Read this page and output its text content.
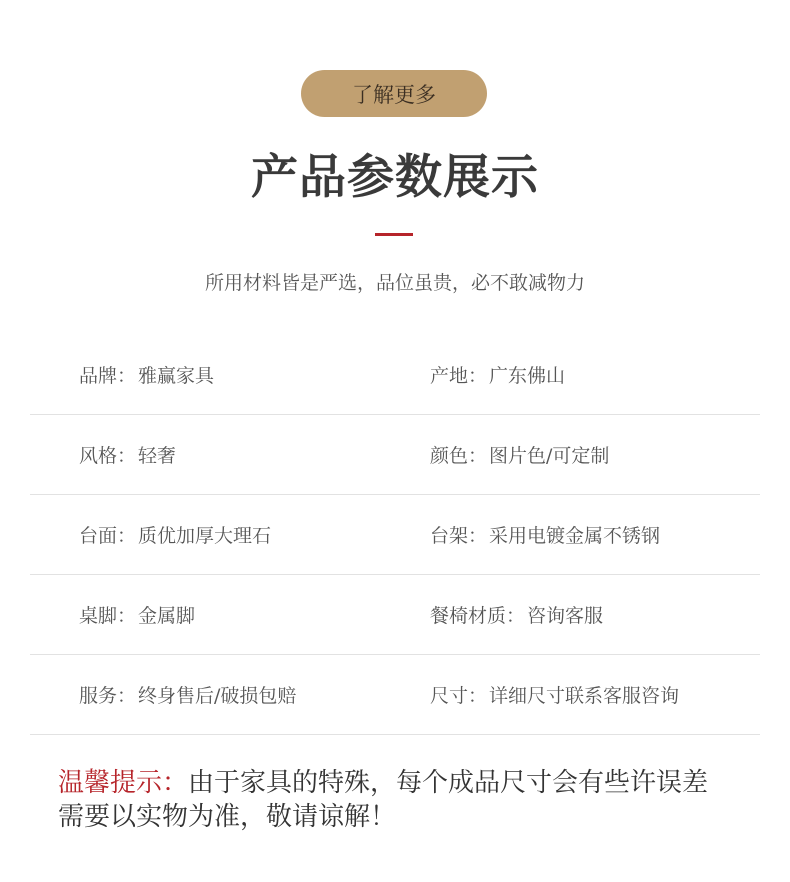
了解更多
产品参数展示
所用材料皆是严选，品位虽贵，必不敢减物力
品牌 ： 雅赢家具	产地 ： 广东佛山
风格 ： 轻奢	颜色 ： 图片色/可定制
台面 ： 质优加厚大理石	台架 ： 采用电镀金属不锈钢
桌脚 ： 金属脚	餐椅材质 ： 咨询客服
服务 ： 终身售后/破损包赔	尺寸 ： 详细尺寸联系客服咨询
温馨提示：由于家具的特殊，每个成品尺寸会有些许误差
需要以实物为准，敬请谅解！
